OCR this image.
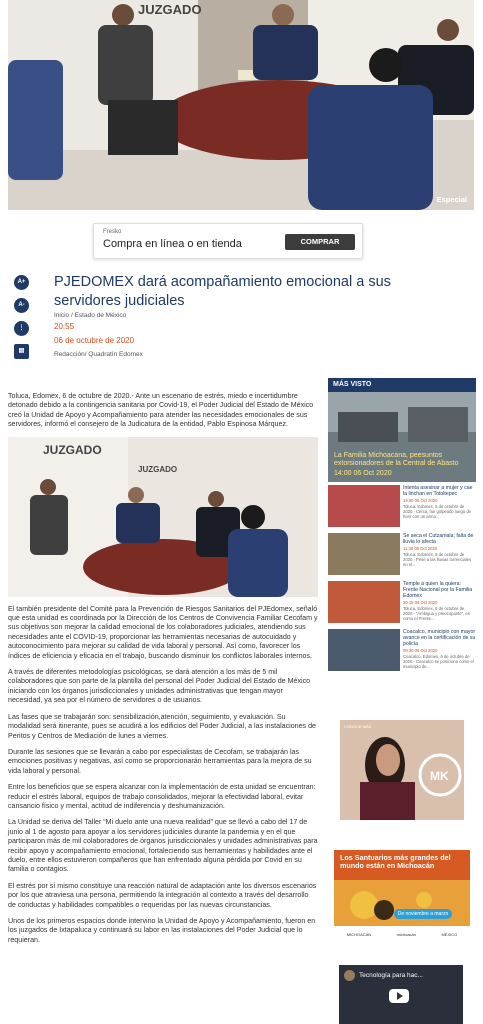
JUZGADO
Especial
Fresko
Compra en línea o en tienda	COMPRAR
A+
A-
⋮
▤
PJEDOMEX dará acompañamiento emocional a sus servidores judiciales
Inicio / Estado de México
20:55
06 de octubre de 2020
Redacción/ Quadratín Edomex

Toluca, Edomex, 6 de octubre de 2020.- Ante un escenario de estrés, miedo e incertidumbre detonado debido a la contingencia sanitaria por Covid-19, el Poder Judicial del Estado de México creó la Unidad de Apoyo y Acompañamiento para atender las necesidades emocionales de sus servidores, informó el consejero de la Judicatura de la entidad, Pablo Espinosa Márquez.

JUZGADO
JUZGADO

El también presidente del Comité para la Prevención de Riesgos Sanitarios del PJEdomex, señaló que esta unidad es coordinada por la Dirección de los Centros de Convivencia Familiar Cecofam y sus objetivos son mejorar la calidad emocional de los colaboradores judiciales, atendiendo sus necesidades ante el COVID-19, proporcionar las herramientas necesarias de autocuidado y autoconocimiento para mejorar su calidad de vida laboral y personal. Así como, favorecer los índices de eficiencia y eficacia en el trabajo, buscando disminuir los conflictos laborales internos.

A través de diferentes metodologías psicológicas, se dará atención a los más de 5 mil colaboradores que son parte de la plantilla del personal del Poder Judicial del Estado de México iniciando con los órganos jurisdiccionales y unidades administrativas que tengan mayor necesidad, ya sea por el número de servidores o de usuarios.

Las fases que se trabajarán son: sensibilización,atención, seguimiento, y evaluación. Su modalidad será itinerante, pues se acudirá a los edificios del Poder Judicial, a las instalaciones de Peritos y Centros de Mediación de lunes a viernes.

Durante las sesiones que se llevarán a cabo por especialistas de Cecofam, se trabajarán las emociones positivas y negativas, así como se proporcionarán herramientas para la mejora de su vida laboral y personal.

Entre los beneficios que se espera alcanzar con la implementación de esta unidad se encuentran: reducir el estrés laboral, equipos de trabajo consolidados, mejorar la efectividad laboral, evitar cansancio físico y mental, actitud de indiferencia y deshumanización.

La Unidad se deriva del Taller “Mi duelo ante una nueva realidad” que se llevó a cabo del 17 de junio al 1 de agosto para apoyar a los servidores judiciales durante la pandemia y en el que participaron más de mil colaboradores de órganos jurisdiccionales y unidades administrativas para recibir apoyo y acompañamiento emocional, fortaleciendo sus herramientas y habilidades ante el duelo, entre ellos estuvieron compañeros que han enfrentado alguna pérdida por Covid en su familia o contagios.

El estrés por sí mismo constituye una reacción natural de adaptación ante los diversos escenarios por los que atraviesa una persona, permitiendo la integración al contexto a través del desarrollo de conductas y habilidades compatibles o requeridas por las nuevas circunstancias.

Unos de los primeros espacios donde intervino la Unidad de Apoyo y Acompañamiento, fueron en los juzgados de Ixtapaluca y continuará su labor en las instalaciones del Poder Judicial que lo requieran.

MÁS VISTO
La Familia Michoacana, peesuntos extorsionadores de la Central de Abasto
14:00 06 Oct 2020
Intenta asesinar a mujer y cae la linchan en Totoltepec
19:00 06 Oct 2020
Toluca, Edomex, 6 de octubre de 2020.- Cerca, fue golpeado luego de herir con un arma...
Se seca el Cutzamala; falta de lluvia lo afecta
11:30 06 Oct 2020
Toluca, Edoméx, 6 de octubre de 2020.- Pese a las lluvias torrenciales en el...
Temple a quien la quiera: Frente Nacional por la Familia Edomex
20:15 06 Oct 2020
Toluca, Edomex, 6 de octubre de 2020.- “Ambigua y preocupante”, es como el Frente...
Coacalco, municipio con mayor avance en la certificación de su policía
09:30 06 Oct 2020
Coacalco, Edomex, 6 de octubre de 2020.- Coacalco se posiciona como el municipio de...
MK
CONOCE MÁS
Los Santuarios más grandes del mundo están en Michoacán
De noviembre a marzo
MICHOACÁN	michoacán	MÉXICO
Tecnología para hac...
